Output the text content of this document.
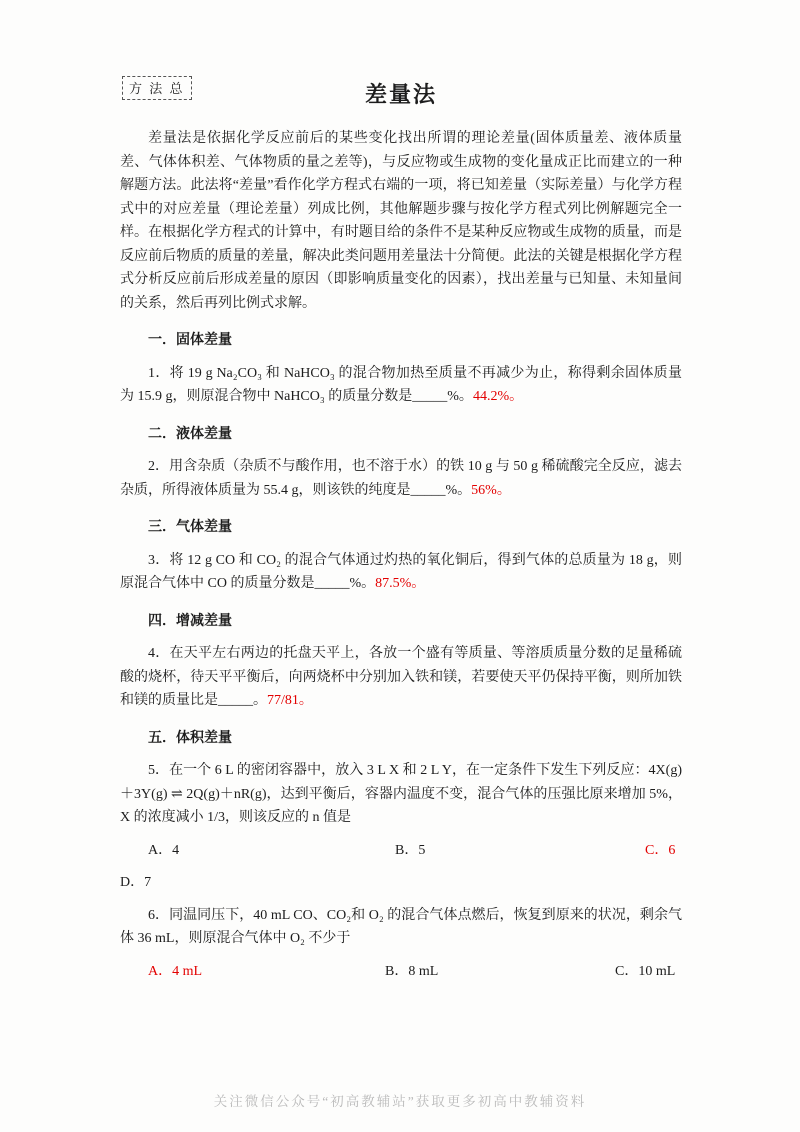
方 法 总	差量法

差量法是依据化学反应前后的某些变化找出所谓的理论差量(固体质量差、液体质量差、气体体积差、气体物质的量之差等)，与反应物或生成物的变化量成正比而建立的一种解题方法。此法将“差量”看作化学方程式右端的一项，将已知差量（实际差量）与化学方程式中的对应差量（理论差量）列成比例，其他解题步骤与按化学方程式列比例解题完全一样。在根据化学方程式的计算中，有时题目给的条件不是某种反应物或生成物的质量，而是反应前后物质的质量的差量，解决此类问题用差量法十分简便。此法的关键是根据化学方程式分析反应前后形成差量的原因（即影响质量变化的因素），找出差量与已知量、未知量间的关系，然后再列比例式求解。

一．固体差量

1．将 19 g Na₂CO₃ 和 NaHCO₃ 的混合物加热至质量不再减少为止，称得剩余固体质量为 15.9 g，则原混合物中 NaHCO₃ 的质量分数是_____%。44.2%。

二．液体差量

2．用含杂质（杂质不与酸作用，也不溶于水）的铁 10 g 与 50 g 稀硫酸完全反应，滤去杂质，所得液体质量为 55.4 g，则该铁的纯度是_____%。56%。

三．气体差量

3．将 12 g CO 和 CO₂ 的混合气体通过灼热的氧化铜后，得到气体的总质量为 18 g，则原混合气体中 CO 的质量分数是_____%。87.5%。

四．增减差量

4．在天平左右两边的托盘天平上，各放一个盛有等质量、等溶质质量分数的足量稀硫酸的烧杯，待天平平衡后，向两烧杯中分别加入铁和镁，若要使天平仍保持平衡，则所加铁和镁的质量比是_____。77/81。

五．体积差量

5．在一个 6 L 的密闭容器中，放入 3 L X 和 2 L Y，在一定条件下发生下列反应：4X(g)＋3Y(g) ⇌ 2Q(g)＋nR(g)，达到平衡后，容器内温度不变，混合气体的压强比原来增加 5%，X 的浓度减小 1/3，则该反应的 n 值是

A．4	B．5	C．6

D．7

6．同温同压下，40 mL CO、CO₂和 O₂ 的混合气体点燃后，恢复到原来的状况，剩余气体 36 mL，则原混合气体中 O₂ 不少于

A．4 mL	B．8 mL	C．10 mL
关注微信公众号“初高教辅站”获取更多初高中教辅资料
